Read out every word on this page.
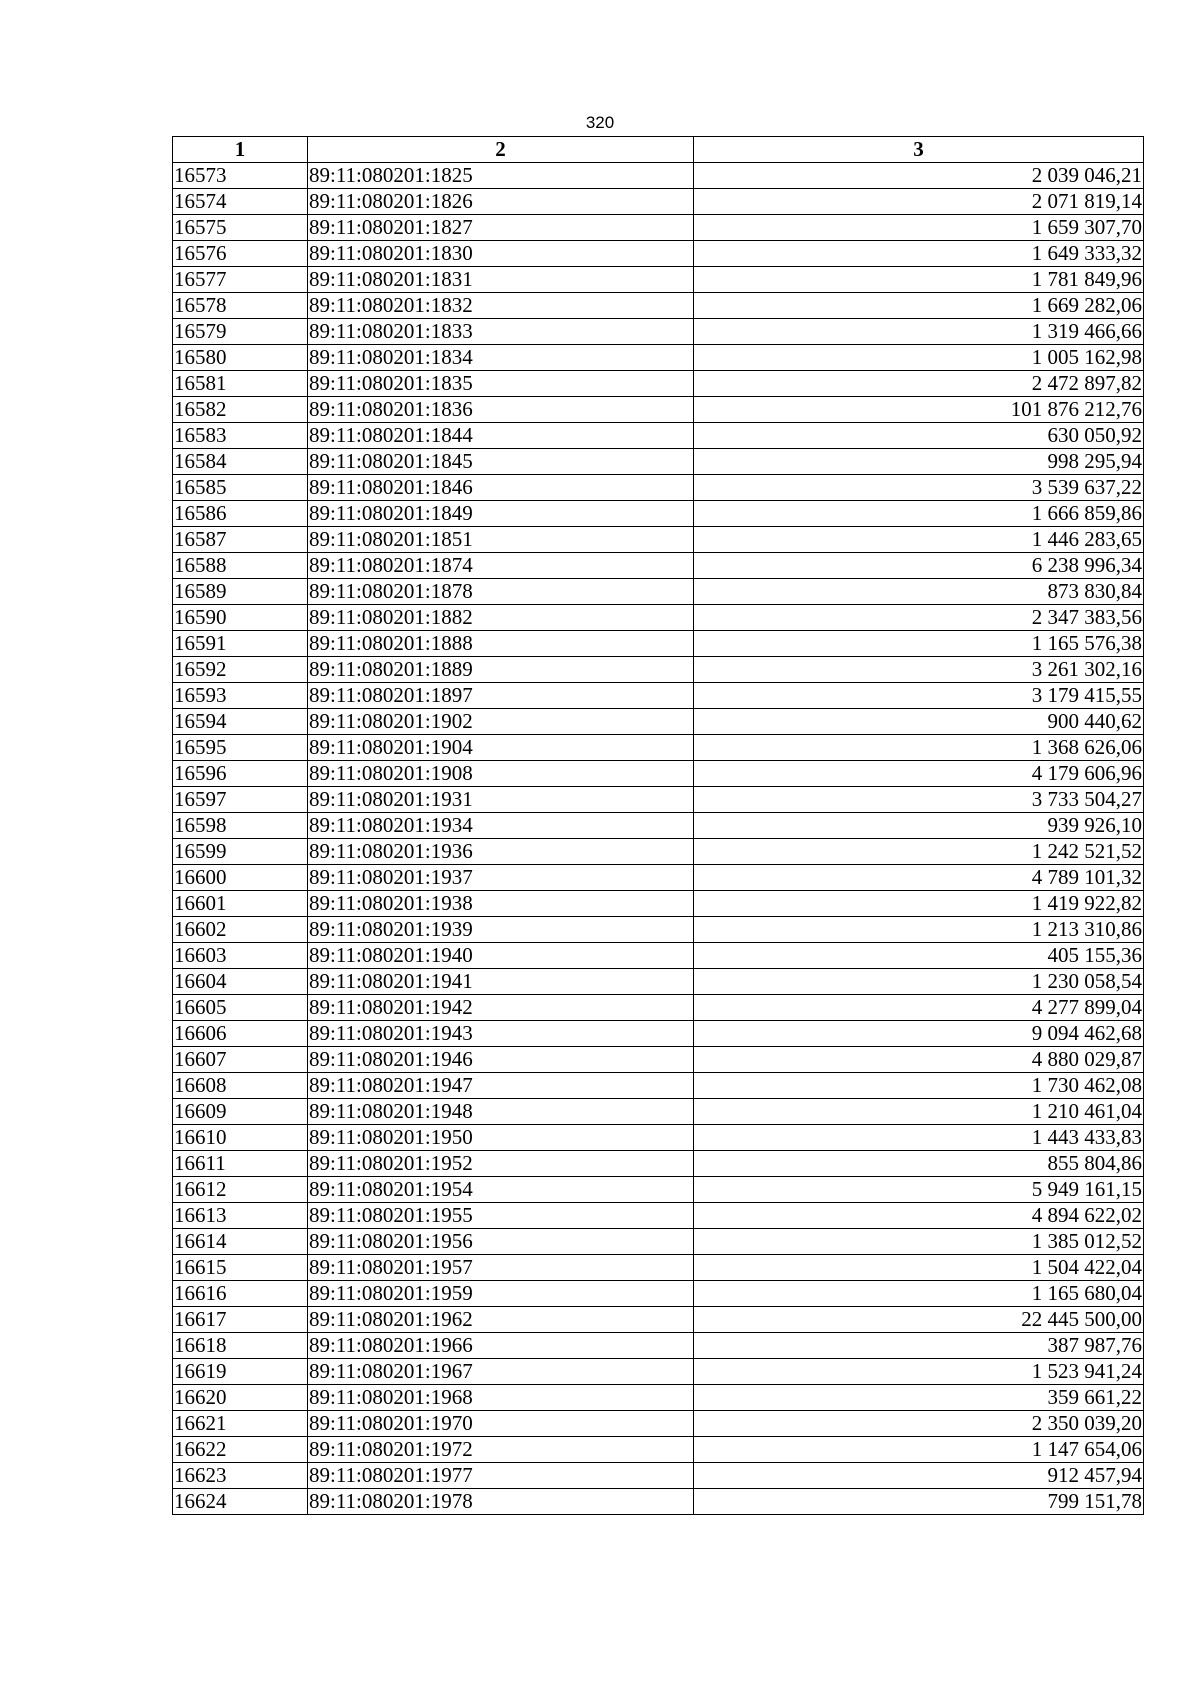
320
1	2	3
16573	89:11:080201:1825	2 039 046,21
16574	89:11:080201:1826	2 071 819,14
16575	89:11:080201:1827	1 659 307,70
16576	89:11:080201:1830	1 649 333,32
16577	89:11:080201:1831	1 781 849,96
16578	89:11:080201:1832	1 669 282,06
16579	89:11:080201:1833	1 319 466,66
16580	89:11:080201:1834	1 005 162,98
16581	89:11:080201:1835	2 472 897,82
16582	89:11:080201:1836	101 876 212,76
16583	89:11:080201:1844	630 050,92
16584	89:11:080201:1845	998 295,94
16585	89:11:080201:1846	3 539 637,22
16586	89:11:080201:1849	1 666 859,86
16587	89:11:080201:1851	1 446 283,65
16588	89:11:080201:1874	6 238 996,34
16589	89:11:080201:1878	873 830,84
16590	89:11:080201:1882	2 347 383,56
16591	89:11:080201:1888	1 165 576,38
16592	89:11:080201:1889	3 261 302,16
16593	89:11:080201:1897	3 179 415,55
16594	89:11:080201:1902	900 440,62
16595	89:11:080201:1904	1 368 626,06
16596	89:11:080201:1908	4 179 606,96
16597	89:11:080201:1931	3 733 504,27
16598	89:11:080201:1934	939 926,10
16599	89:11:080201:1936	1 242 521,52
16600	89:11:080201:1937	4 789 101,32
16601	89:11:080201:1938	1 419 922,82
16602	89:11:080201:1939	1 213 310,86
16603	89:11:080201:1940	405 155,36
16604	89:11:080201:1941	1 230 058,54
16605	89:11:080201:1942	4 277 899,04
16606	89:11:080201:1943	9 094 462,68
16607	89:11:080201:1946	4 880 029,87
16608	89:11:080201:1947	1 730 462,08
16609	89:11:080201:1948	1 210 461,04
16610	89:11:080201:1950	1 443 433,83
16611	89:11:080201:1952	855 804,86
16612	89:11:080201:1954	5 949 161,15
16613	89:11:080201:1955	4 894 622,02
16614	89:11:080201:1956	1 385 012,52
16615	89:11:080201:1957	1 504 422,04
16616	89:11:080201:1959	1 165 680,04
16617	89:11:080201:1962	22 445 500,00
16618	89:11:080201:1966	387 987,76
16619	89:11:080201:1967	1 523 941,24
16620	89:11:080201:1968	359 661,22
16621	89:11:080201:1970	2 350 039,20
16622	89:11:080201:1972	1 147 654,06
16623	89:11:080201:1977	912 457,94
16624	89:11:080201:1978	799 151,78
